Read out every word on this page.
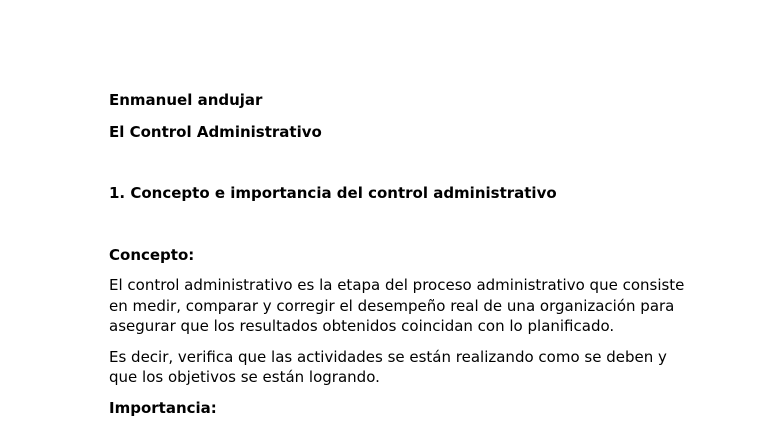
Enmanuel andujar

El Control Administrativo

1. Concepto e importancia del control administrativo

Concepto:

El control administrativo es la etapa del proceso administrativo que consiste en medir, comparar y corregir el desempeño real de una organización para asegurar que los resultados obtenidos coincidan con lo planificado.

Es decir, verifica que las actividades se están realizando como se deben y que los objetivos se están logrando.

Importancia:
